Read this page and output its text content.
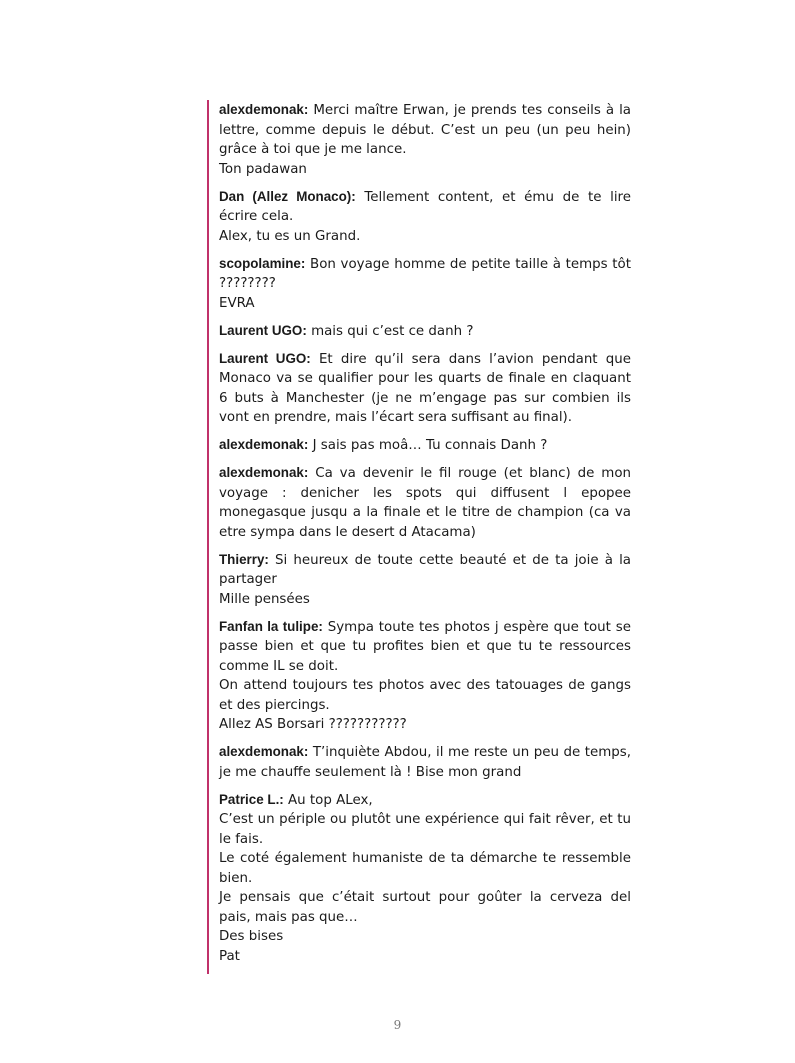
alexdemonak: Merci maître Erwan, je prends tes conseils à la lettre, comme depuis le début. C’est un peu (un peu hein) grâce à toi que je me lance.
Ton padawan
Dan (Allez Monaco): Tellement content, et ému de te lire écrire cela.
Alex, tu es un Grand.
scopolamine: Bon voyage homme de petite taille à temps tôt ????????
EVRA
Laurent UGO: mais qui c’est ce danh ?
Laurent UGO: Et dire qu’il sera dans l’avion pendant que Monaco va se qualifier pour les quarts de finale en claquant 6 buts à Manchester (je ne m’engage pas sur combien ils vont en prendre, mais l’écart sera suffisant au final).
alexdemonak: J sais pas moâ… Tu connais Danh ?
alexdemonak: Ca va devenir le fil rouge (et blanc) de mon voyage : denicher les spots qui diffusent l epopee monegasque jusqu a la finale et le titre de champion (ca va etre sympa dans le desert d Atacama)
Thierry: Si heureux de toute cette beauté et de ta joie à la partager
Mille pensées
Fanfan la tulipe: Sympa toute tes photos j espère que tout se passe bien et que tu profites bien et que tu te ressources comme IL se doit.
On attend toujours tes photos avec des tatouages de gangs et des piercings.
Allez AS Borsari ???????????
alexdemonak: T’inquiète Abdou, il me reste un peu de temps, je me chauffe seulement là ! Bise mon grand
Patrice L.: Au top ALex,
C’est un périple ou plutôt une expérience qui fait rêver, et tu le fais.
Le coté également humaniste de ta démarche te ressemble bien.
Je pensais que c’était surtout pour goûter la cerveza del pais, mais pas que…
Des bises
Pat
9
